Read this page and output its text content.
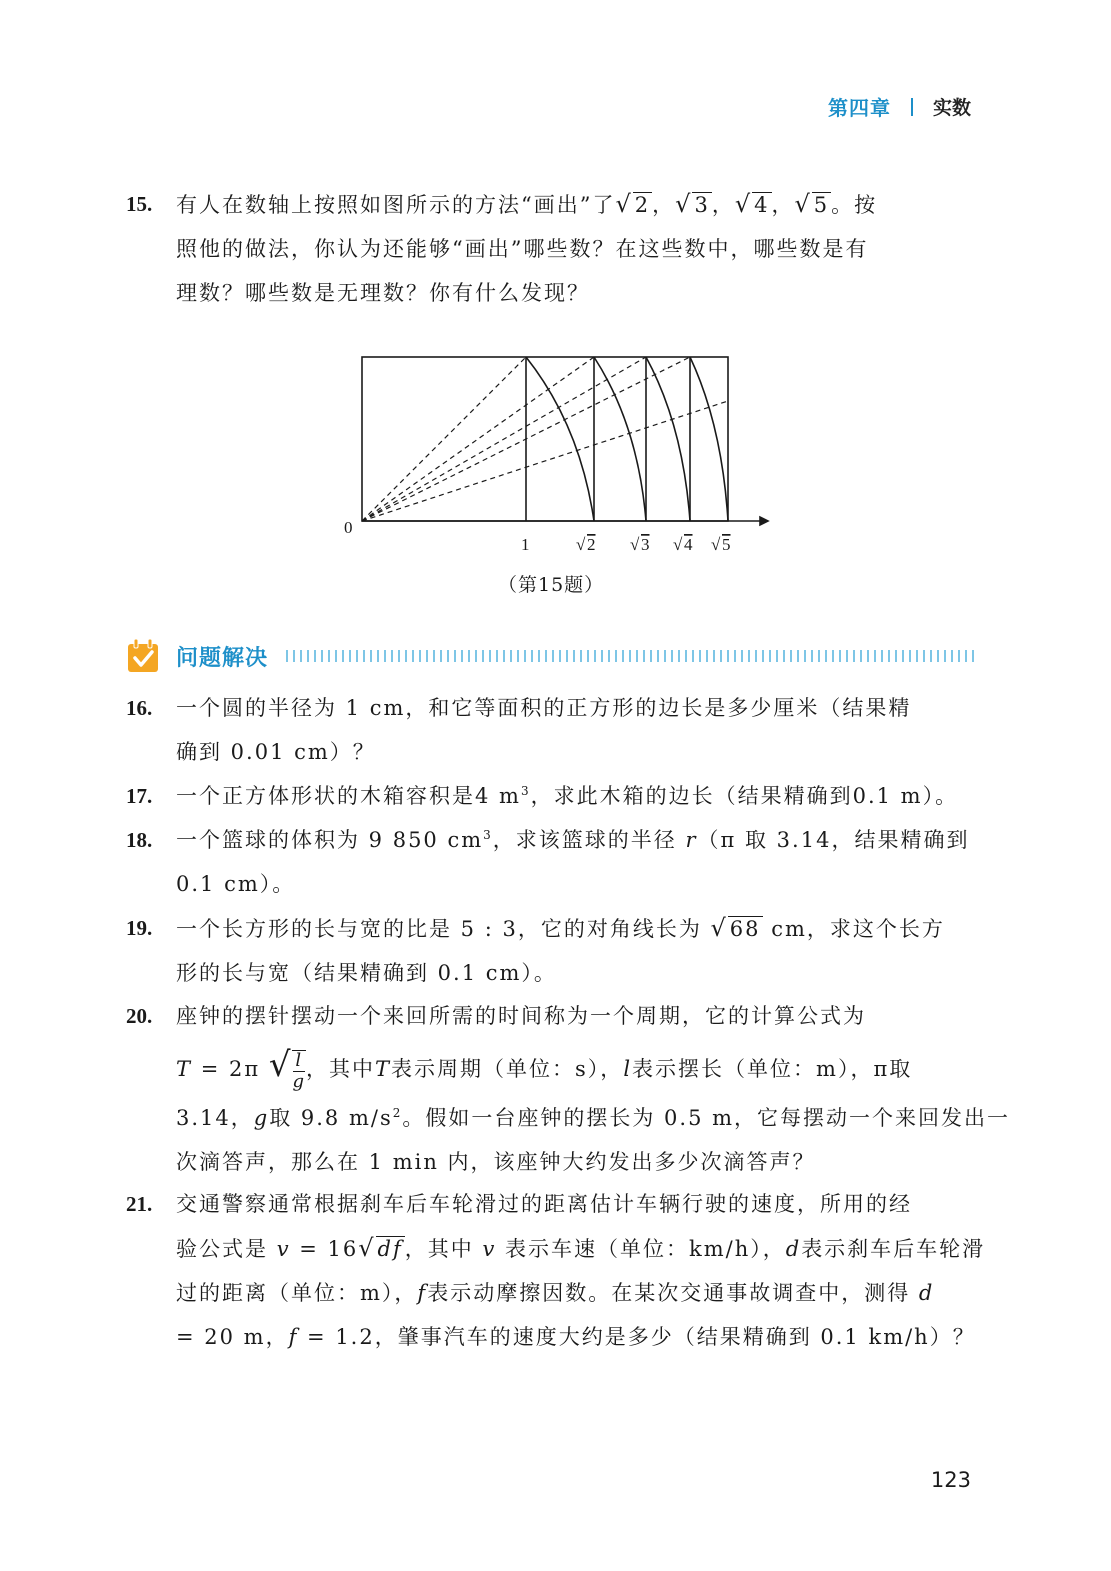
第四章 实数
15. 有人在数轴上按照如图所示的方法“画出”了√2，√3，√4，√5。按
照他的做法，你认为还能够“画出”哪些数？在这些数中，哪些数是有
理数？哪些数是无理数？你有什么发现？
0
1	√ 2 √ 3 √ 4 √ 5
（第15题）
问题解决
16. 一个圆的半径为 1 cm，和它等面积的正方形的边长是多少厘米（结果精
确到 0.01 cm）？
17. 一个正方体形状的木箱容积是4 $m^3$，求此木箱的边长（结果精确到0.1 m）。
18. 一个篮球的体积为 9 850 $cm^3$，求该篮球的半径 r（π 取 3.14，结果精确到
0.1 cm）。
19. 一个长方形的长与宽的比是 5 : 3，它的对角线长为 √68 cm，求这个长方
形的长与宽（结果精确到 0.1 cm）。
20. 座钟的摆针摆动一个来回所需的时间称为一个周期，它的计算公式为
T = 2π √ $\frac{l}{g}$ ，其中T表示周期（单位：s），l表示摆长（单位：m），π取
3.14，g取 9.8 $m/s^2$。假如一台座钟的摆长为 0.5 m，它每摆动一个来回发出一
次滴答声，那么在 1 min 内，该座钟大约发出多少次滴答声？
21. 交通警察通常根据刹车后车轮滑过的距离估计车辆行驶的速度，所用的经
验公式是 v = 16√df，其中 v 表示车速（单位：km/h），d表示刹车后车轮滑
过的距离（单位：m），f表示动摩擦因数。在某次交通事故调查中，测得 d
= 20 m，f = 1.2，肇事汽车的速度大约是多少（结果精确到 0.1 km/h）？
123
